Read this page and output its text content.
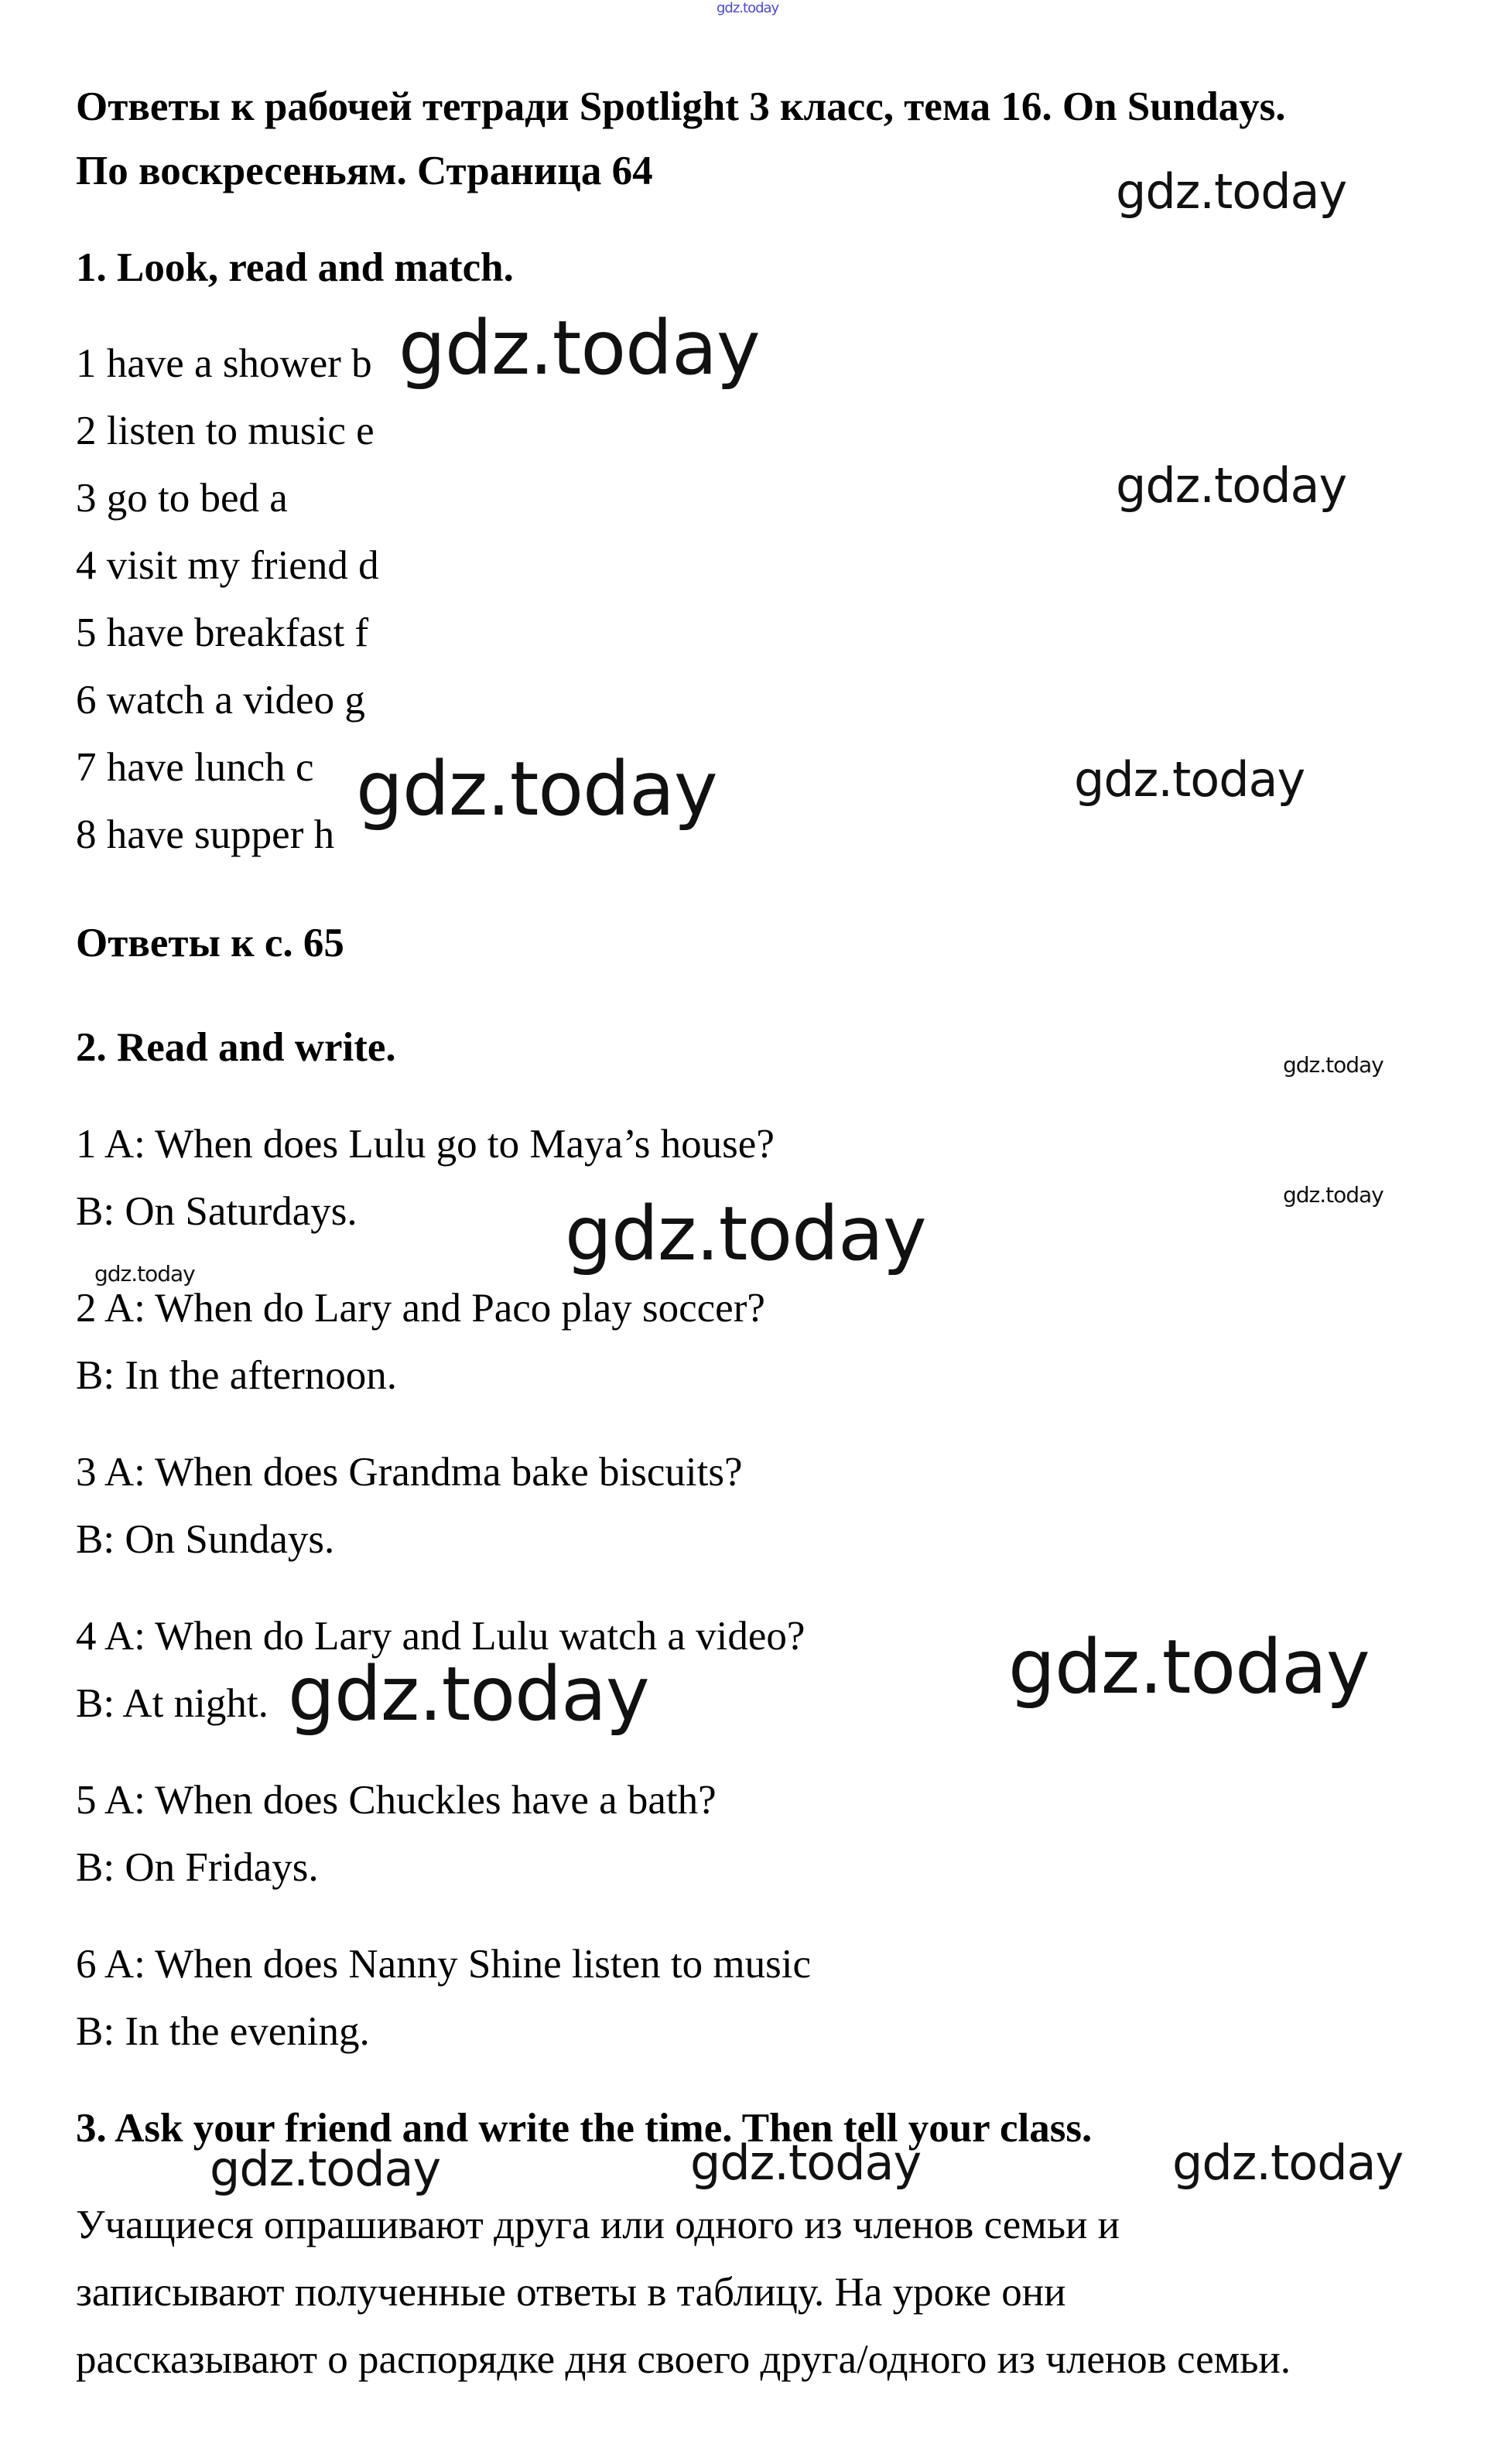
gdz.today

Ответы к рабочей тетради Spotlight 3 класс, тема 16. On Sundays.

По воскресеньям. Страница 64

1. Look, read and match.

1 have a shower b

2 listen to music e

3 go to bed a

4 visit my friend d

5 have breakfast f

6 watch a video g

7 have lunch c

8 have supper h

Ответы к с. 65

2. Read and write.

1 A: When does Lulu go to Maya’s house?

B: On Saturdays.

2 A: When do Lary and Paco play soccer?

B: In the afternoon.

3 A: When does Grandma bake biscuits?

B: On Sundays.

4 A: When do Lary and Lulu watch a video?

B: At night.

5 A: When does Chuckles have a bath?

B: On Fridays.

6 A: When does Nanny Shine listen to music

B: In the evening.

3. Ask your friend and write the time. Then tell your class.

Учащиеся опрашивают друга или одного из членов семьи и

записывают полученные ответы в таблицу. На уроке они

рассказывают о распорядке дня своего друга/одного из членов семьи.

gdz.today
gdz.today
gdz.today
gdz.today	gdz.today
gdz.today
gdz.today
gdz.today
gdz.today
gdz.today
gdz.today
gdz.today	gdz.today	gdz.today
